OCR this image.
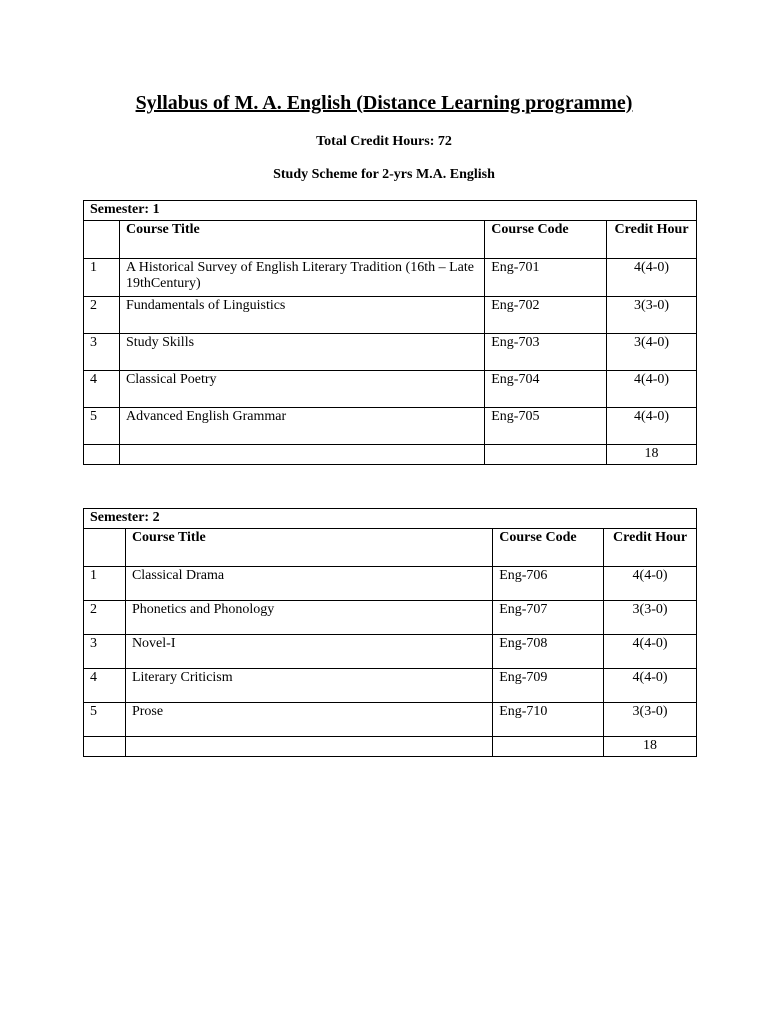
Syllabus of M. A. English (Distance Learning programme)

Total Credit Hours: 72

Study Scheme for 2-yrs M.A. English

Semester: 1			
	Course Title	Course Code	Credit Hour
1	A Historical Survey of English Literary Tradition (16th – Late 19thCentury)	Eng-701	4(4-0)
2	Fundamentals of Linguistics	Eng-702	3(3-0)
3	Study Skills	Eng-703	3(4-0)
4	Classical Poetry	Eng-704	4(4-0)
5	Advanced English Grammar	Eng-705	4(4-0)
			18
Semester: 2			
	Course Title	Course Code	Credit Hour
1	Classical Drama	Eng-706	4(4-0)
2	Phonetics and Phonology	Eng-707	3(3-0)
3	Novel-I	Eng-708	4(4-0)
4	Literary Criticism	Eng-709	4(4-0)
5	Prose	Eng-710	3(3-0)
			18
